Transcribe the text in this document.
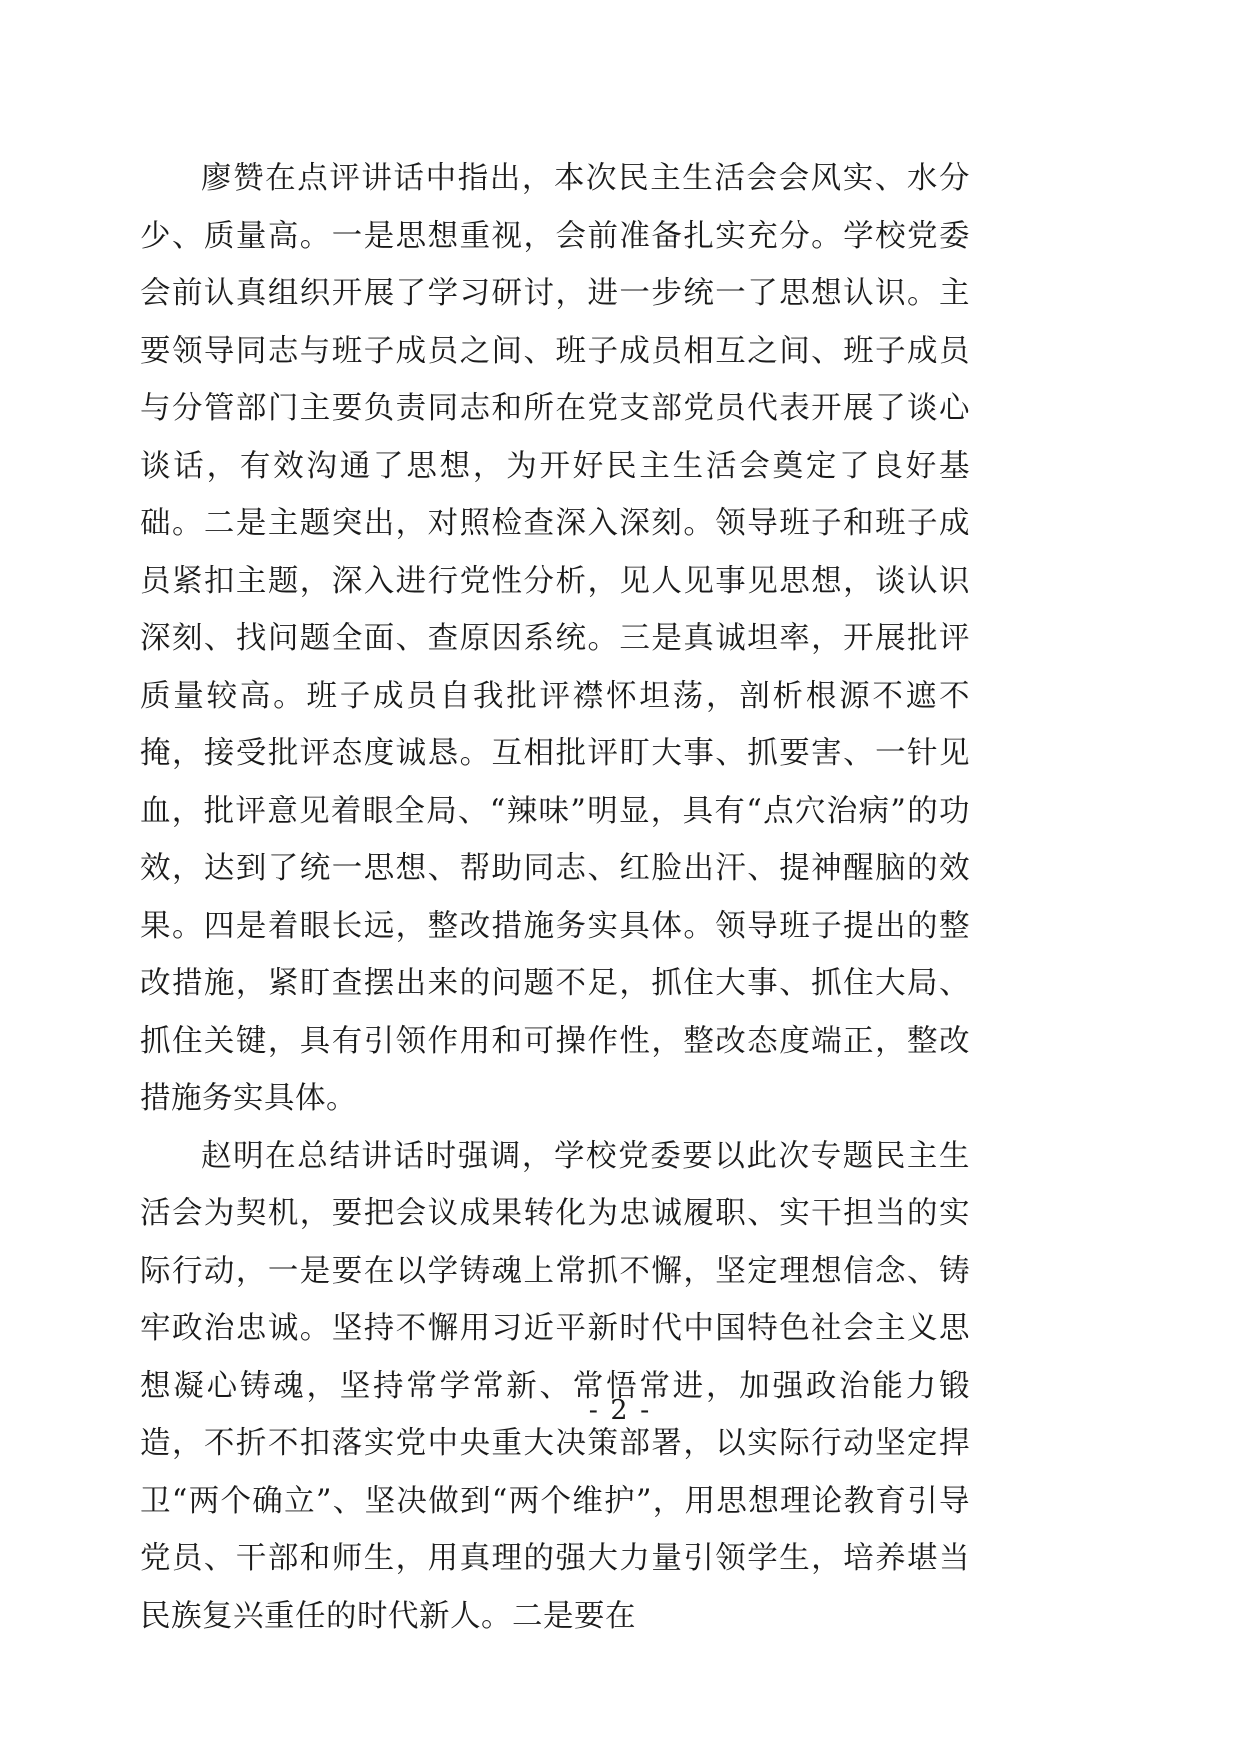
廖赞在点评讲话中指出，本次民主生活会会风实、水分少、质量高。一是思想重视，会前准备扎实充分。学校党委会前认真组织开展了学习研讨，进一步统一了思想认识。主要领导同志与班子成员之间、班子成员相互之间、班子成员与分管部门主要负责同志和所在党支部党员代表开展了谈心谈话，有效沟通了思想，为开好民主生活会奠定了良好基础。二是主题突出，对照检查深入深刻。领导班子和班子成员紧扣主题，深入进行党性分析，见人见事见思想，谈认识深刻、找问题全面、查原因系统。三是真诚坦率，开展批评质量较高。班子成员自我批评襟怀坦荡，剖析根源不遮不掩，接受批评态度诚恳。互相批评盯大事、抓要害、一针见血，批评意见着眼全局、“辣味”明显，具有“点穴治病”的功效，达到了统一思想、帮助同志、红脸出汗、提神醒脑的效果。四是着眼长远，整改措施务实具体。领导班子提出的整改措施，紧盯查摆出来的问题不足，抓住大事、抓住大局、抓住关键，具有引领作用和可操作性，整改态度端正，整改措施务实具体。

赵明在总结讲话时强调，学校党委要以此次专题民主生活会为契机，要把会议成果转化为忠诚履职、实干担当的实际行动，一是要在以学铸魂上常抓不懈，坚定理想信念、铸牢政治忠诚。坚持不懈用习近平新时代中国特色社会主义思想凝心铸魂，坚持常学常新、常悟常进，加强政治能力锻造，不折不扣落实党中央重大决策部署，以实际行动坚定捍卫“两个确立”、坚决做到“两个维护”，用思想理论教育引导党员、干部和师生，用真理的强大力量引领学生，培养堪当民族复兴重任的时代新人。二是要在

- 2 -
